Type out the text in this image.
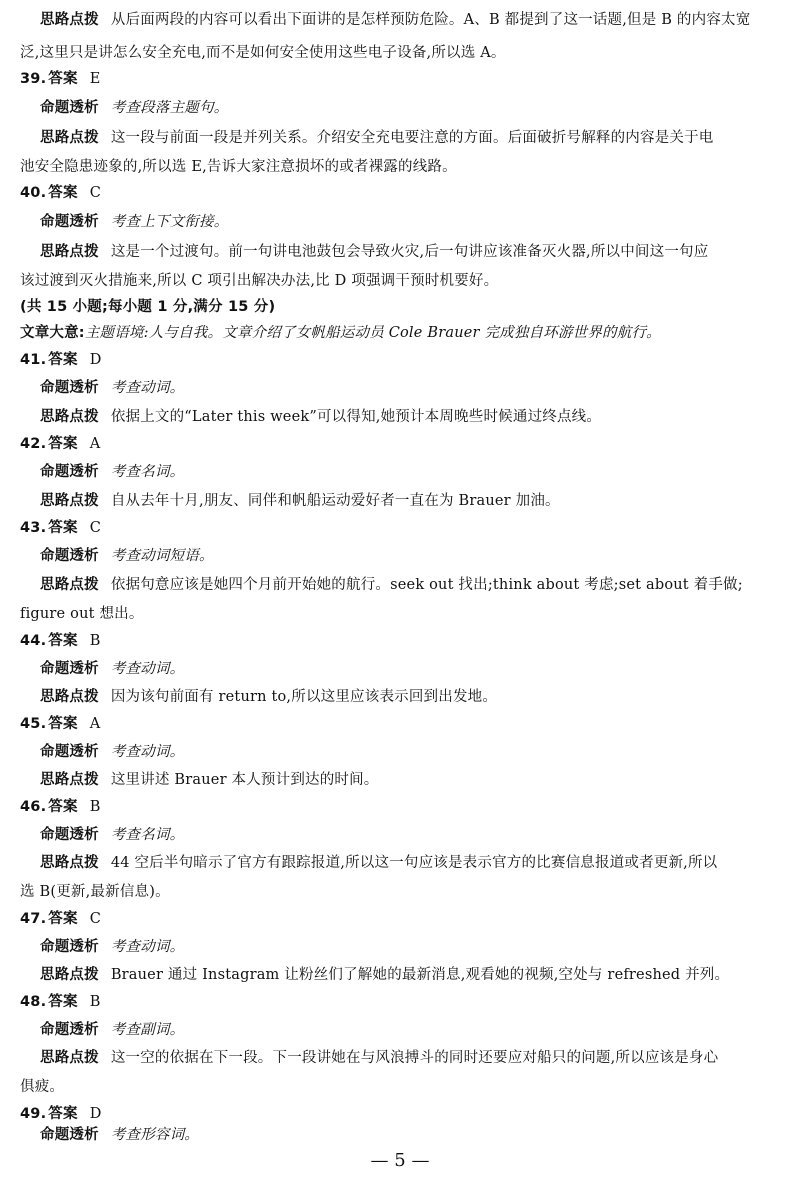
思路点拨 从后面两段的内容可以看出下面讲的是怎样预防危险。A、B 都提到了这一话题,但是 B 的内容太宽
泛,这里只是讲怎么安全充电,而不是如何安全使用这些电子设备,所以选 A。
39. 答案 E
命题透析 考查段落主题句。
思路点拨 这一段与前面一段是并列关系。介绍安全充电要注意的方面。后面破折号解释的内容是关于电
池安全隐患迹象的,所以选 E,告诉大家注意损坏的或者裸露的线路。
40. 答案 C
命题透析 考查上下文衔接。
思路点拨 这是一个过渡句。前一句讲电池鼓包会导致火灾,后一句讲应该准备灭火器,所以中间这一句应
该过渡到灭火措施来,所以 C 项引出解决办法,比 D 项强调干预时机要好。
(共 15 小题;每小题 1 分,满分 15 分)
文章大意:主题语境:人与自我。文章介绍了女帆船运动员 Cole Brauer 完成独自环游世界的航行。
41. 答案 D
命题透析 考查动词。
思路点拨 依据上文的“Later this week”可以得知,她预计本周晚些时候通过终点线。
42. 答案 A
命题透析 考查名词。
思路点拨 自从去年十月,朋友、同伴和帆船运动爱好者一直在为 Brauer 加油。
43. 答案 C
命题透析 考查动词短语。
思路点拨 依据句意应该是她四个月前开始她的航行。seek out 找出;think about 考虑;set about 着手做;
figure out 想出。
44. 答案 B
命题透析 考查动词。
思路点拨 因为该句前面有 return to,所以这里应该表示回到出发地。
45. 答案 A
命题透析 考查动词。
思路点拨 这里讲述 Brauer 本人预计到达的时间。
46. 答案 B
命题透析 考查名词。
思路点拨 44 空后半句暗示了官方有跟踪报道,所以这一句应该是表示官方的比赛信息报道或者更新,所以
选 B(更新,最新信息)。
47. 答案 C
命题透析 考查动词。
思路点拨 Brauer 通过 Instagram 让粉丝们了解她的最新消息,观看她的视频,空处与 refreshed 并列。
48. 答案 B
命题透析 考查副词。
思路点拨 这一空的依据在下一段。下一段讲她在与风浪搏斗的同时还要应对船只的问题,所以应该是身心
俱疲。
49. 答案 D
命题透析 考查形容词。
— 5 —
